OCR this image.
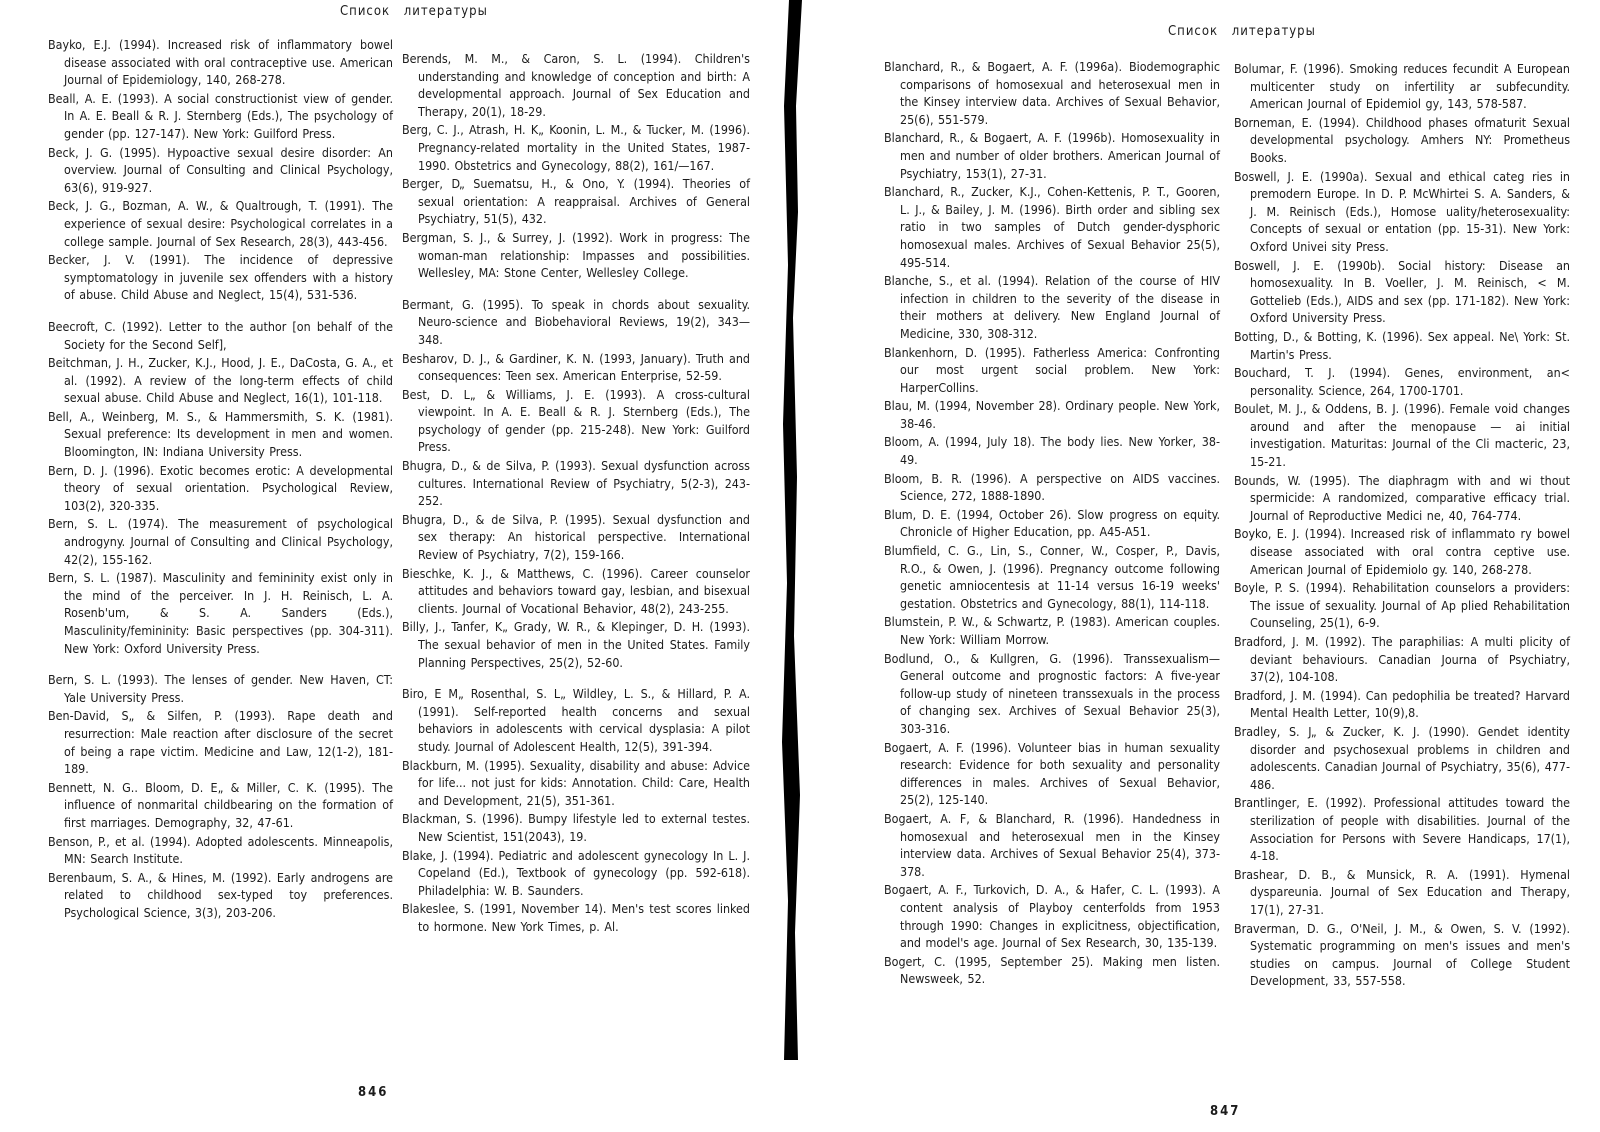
Список литературы

Bayko, E.J. (1994). Increased risk of inflammatory bowel disease associated with oral contraceptive use. American Journal of Epidemiology, 140, 268-278.

Beall, A. E. (1993). A social constructionist view of gender. In A. E. Beall & R. J. Sternberg (Eds.), The psychology of gender (pp. 127-147). New York: Guilford Press.

Beck, J. G. (1995). Hypoactive sexual desire disorder: An overview. Journal of Consulting and Clinical Psychology, 63(6), 919-927.

Beck, J. G., Bozman, A. W., & Qualtrough, T. (1991). The experience of sexual desire: Psychological correlates in a college sample. Journal of Sex Research, 28(3), 443-456.

Becker, J. V. (1991). The incidence of depressive symptomatology in juvenile sex offenders with a history of abuse. Child Abuse and Neglect, 15(4), 531-536.

Beecroft, C. (1992). Letter to the author [on behalf of the Society for the Second Self],

Beitchman, J. H., Zucker, K.J., Hood, J. E., DaCosta, G. A., et al. (1992). A review of the long-term effects of child sexual abuse. Child Abuse and Neglect, 16(1), 101-118.

Bell, A., Weinberg, M. S., & Hammersmith, S. K. (1981). Sexual preference: Its development in men and women. Bloomington, IN: Indiana University Press.

Bern, D. J. (1996). Exotic becomes erotic: A developmental theory of sexual orientation. Psychological Review, 103(2), 320-335.

Bern, S. L. (1974). The measurement of psychological androgyny. Journal of Consulting and Clinical Psychology, 42(2), 155-162.

Bern, S. L. (1987). Masculinity and femininity exist only in the mind of the perceiver. In J. H. Reinisch, L. A. Rosenb'um, & S. A. Sanders (Eds.), Masculinity/femininity: Basic perspectives (pp. 304-311). New York: Oxford University Press.

Bern, S. L. (1993). The lenses of gender. New Haven, CT: Yale University Press.

Ben-David, S„ & Silfen, P. (1993). Rape death and resurrection: Male reaction after disclosure of the secret of being a rape victim. Medicine and Law, 12(1-2), 181-189.

Bennett, N. G.. Bloom, D. E„ & Miller, C. K. (1995). The influence of nonmarital childbearing on the formation of first marriages. Demography, 32, 47-61.

Benson, P., et al. (1994). Adopted adolescents. Minneapolis, MN: Search Institute.

Berenbaum, S. A., & Hines, M. (1992). Early androgens are related to childhood sex-typed toy preferences. Psychological Science, 3(3), 203-206.

Berends, M. M., & Caron, S. L. (1994). Children's understanding and knowledge of conception and birth: A developmental approach. Journal of Sex Education and Therapy, 20(1), 18-29.

Berg, C. J., Atrash, H. K„ Koonin, L. M., & Tucker, M. (1996). Pregnancy-related mortality in the United States, 1987-1990. Obstetrics and Gynecology, 88(2), 161/—167.

Berger, D„ Suematsu, H., & Ono, Y. (1994). Theories of sexual orientation: A reappraisal. Archives of General Psychiatry, 51(5), 432.

Bergman, S. J., & Surrey, J. (1992). Work in progress: The woman-man relationship: Impasses and possibilities. Wellesley, MA: Stone Center, Wellesley College.

Bermant, G. (1995). To speak in chords about sexuality. Neuro-science and Biobehavioral Reviews, 19(2), 343—348.

Besharov, D. J., & Gardiner, K. N. (1993, January). Truth and consequences: Teen sex. American Enterprise, 52-59.

Best, D. L„ & Williams, J. E. (1993). A cross-cultural viewpoint. In A. E. Beall & R. J. Sternberg (Eds.), The psychology of gender (pp. 215-248). New York: Guilford Press.

Bhugra, D., & de Silva, P. (1993). Sexual dysfunction across cultures. International Review of Psychiatry, 5(2-3), 243-252.

Bhugra, D., & de Silva, P. (1995). Sexual dysfunction and sex therapy: An historical perspective. International Review of Psychiatry, 7(2), 159-166.

Bieschke, K. J., & Matthews, C. (1996). Career counselor attitudes and behaviors toward gay, lesbian, and bisexual clients. Journal of Vocational Behavior, 48(2), 243-255.

Billy, J., Tanfer, K„ Grady, W. R., & Klepinger, D. H. (1993). The sexual behavior of men in the United States. Family Planning Perspectives, 25(2), 52-60.

Biro, E M„ Rosenthal, S. L„ Wildley, L. S., & Hillard, P. A. (1991). Self-reported health concerns and sexual behaviors in adolescents with cervical dysplasia: A pilot study. Journal of Adolescent Health, 12(5), 391-394.

Blackburn, M. (1995). Sexuality, disability and abuse: Advice for life... not just for kids: Annotation. Child: Care, Health and Development, 21(5), 351-361.

Blackman, S. (1996). Bumpy lifestyle led to external testes. New Scientist, 151(2043), 19.

Blake, J. (1994). Pediatric and adolescent gynecology In L. J. Copeland (Ed.), Textbook of gynecology (pp. 592-618). Philadelphia: W. B. Saunders.

Blakeslee, S. (1991, November 14). Men's test scores linked to hormone. New York Times, p. Al.

846
Список литературы

Blanchard, R., & Bogaert, A. F. (1996a). Biodemographic comparisons of homosexual and heterosexual men in the Kinsey interview data. Archives of Sexual Behavior, 25(6), 551-579.

Blanchard, R., & Bogaert, A. F. (1996b). Homosexuality in men and number of older brothers. American Journal of Psychiatry, 153(1), 27-31.

Blanchard, R., Zucker, K.J., Cohen-Kettenis, P. T., Gooren, L. J., & Bailey, J. M. (1996). Birth order and sibling sex ratio in two samples of Dutch gender-dysphoric homosexual males. Archives of Sexual Behavior 25(5), 495-514.

Blanche, S., et al. (1994). Relation of the course of HIV infection in children to the severity of the disease in their mothers at delivery. New England Journal of Medicine, 330, 308-312.

Blankenhorn, D. (1995). Fatherless America: Confronting our most urgent social problem. New York: HarperCollins.

Blau, M. (1994, November 28). Ordinary people. New York, 38-46.

Bloom, A. (1994, July 18). The body lies. New Yorker, 38-49.

Bloom, B. R. (1996). A perspective on AIDS vaccines. Science, 272, 1888-1890.

Blum, D. E. (1994, October 26). Slow progress on equity. Chronicle of Higher Education, pp. A45-A51.

Blumfield, C. G., Lin, S., Conner, W., Cosper, P., Davis, R.O., & Owen, J. (1996). Pregnancy outcome following genetic amniocentesis at 11-14 versus 16-19 weeks' gestation. Obstetrics and Gynecology, 88(1), 114-118.

Blumstein, P. W., & Schwartz, P. (1983). American couples. New York: William Morrow.

Bodlund, O., & Kullgren, G. (1996). Transsexualism—General outcome and prognostic factors: A five-year follow-up study of nineteen transsexuals in the process of changing sex. Archives of Sexual Behavior 25(3), 303-316.

Bogaert, A. F. (1996). Volunteer bias in human sexuality research: Evidence for both sexuality and personality differences in males. Archives of Sexual Behavior, 25(2), 125-140.

Bogaert, A. F, & Blanchard, R. (1996). Handedness in homosexual and heterosexual men in the Kinsey interview data. Archives of Sexual Behavior 25(4), 373-378.

Bogaert, A. F., Turkovich, D. A., & Hafer, C. L. (1993). A content analysis of Playboy centerfolds from 1953 through 1990: Changes in explicitness, objectification, and model's age. Journal of Sex Research, 30, 135-139.

Bogert, C. (1995, September 25). Making men listen. Newsweek, 52.

Bolumar, F. (1996). Smoking reduces fecundit A European multicenter study on infertility ar subfecundity. American Journal of Epidemiol gy, 143, 578-587.

Borneman, E. (1994). Childhood phases ofmaturit Sexual developmental psychology. Amhers NY: Prometheus Books.

Boswell, J. E. (1990a). Sexual and ethical categ ries in premodern Europe. In D. P. McWhirtei S. A. Sanders, & J. M. Reinisch (Eds.), Homose uality/heterosexuality: Concepts of sexual or entation (pp. 15-31). New York: Oxford Univei sity Press.

Boswell, J. E. (1990b). Social history: Disease an homosexuality. In B. Voeller, J. M. Reinisch, < M. Gottelieb (Eds.), AIDS and sex (pp. 171-182). New York: Oxford University Press.

Botting, D., & Botting, K. (1996). Sex appeal. Ne\ York: St. Martin's Press.

Bouchard, T. J. (1994). Genes, environment, an< personality. Science, 264, 1700-1701.

Boulet, M. J., & Oddens, B. J. (1996). Female void changes around and after the menopause — ai initial investigation. Maturitas: Journal of the Cli macteric, 23, 15-21.

Bounds, W. (1995). The diaphragm with and wi thout spermicide: A randomized, comparative efficacy trial. Journal of Reproductive Medici ne, 40, 764-774.

Boyko, E. J. (1994). Increased risk of inflammato ry bowel disease associated with oral contra ceptive use. American Journal of Epidemiolo gy. 140, 268-278.

Boyle, P. S. (1994). Rehabilitation counselors a providers: The issue of sexuality. Journal of Ap plied Rehabilitation Counseling, 25(1), 6-9.

Bradford, J. M. (1992). The paraphilias: A multi plicity of deviant behaviours. Canadian Journa of Psychiatry, 37(2), 104-108.

Bradford, J. M. (1994). Can pedophilia be treated? Harvard Mental Health Letter, 10(9),8.

Bradley, S. J„ & Zucker, K. J. (1990). Gendet identity disorder and psychosexual problems in children and adolescents. Canadian Journal of Psychiatry, 35(6), 477-486.

Brantlinger, E. (1992). Professional attitudes toward the sterilization of people with disabilities. Journal of the Association for Persons with Severe Handicaps, 17(1), 4-18.

Brashear, D. B., & Munsick, R. A. (1991). Hymenal dyspareunia. Journal of Sex Education and Therapy, 17(1), 27-31.

Braverman, D. G., O'Neil, J. M., & Owen, S. V. (1992). Systematic programming on men's issues and men's studies on campus. Journal of College Student Development, 33, 557-558.

847
